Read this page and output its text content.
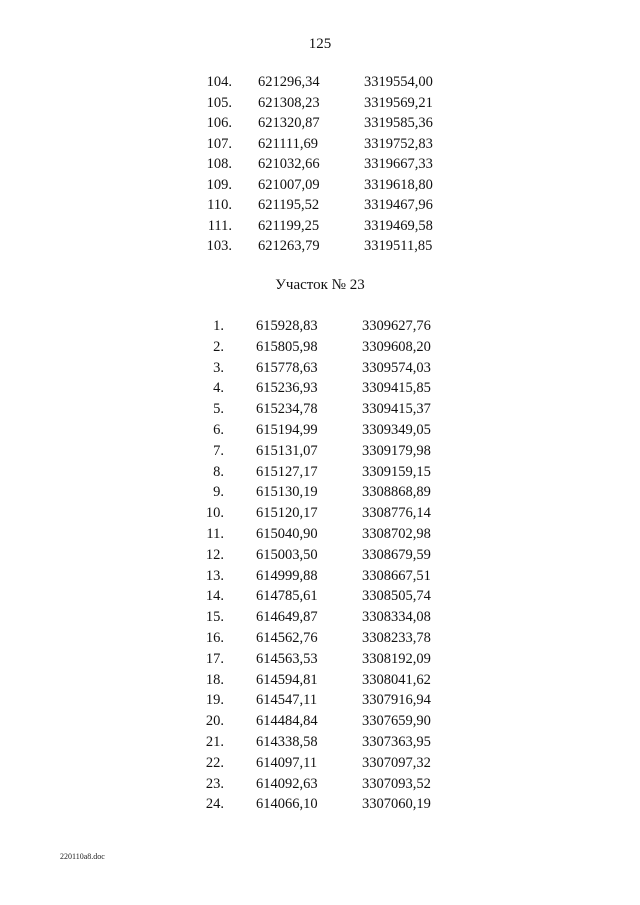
125
104. 621296,34	3319554,00
105. 621308,23	3319569,21
106. 621320,87	3319585,36
107. 621111,69	3319752,83
108. 621032,66	3319667,33
109. 621007,09	3319618,80
110. 621195,52	3319467,96
111. 621199,25	3319469,58
103. 621263,79	3319511,85
Участок № 23
1. 615928,83	3309627,76
2. 615805,98	3309608,20
3. 615778,63	3309574,03
4. 615236,93	3309415,85
5. 615234,78	3309415,37
6. 615194,99	3309349,05
7. 615131,07	3309179,98
8. 615127,17	3309159,15
9. 615130,19	3308868,89
10. 615120,17	3308776,14
11. 615040,90	3308702,98
12. 615003,50	3308679,59
13. 614999,88	3308667,51
14. 614785,61	3308505,74
15. 614649,87	3308334,08
16. 614562,76	3308233,78
17. 614563,53	3308192,09
18. 614594,81	3308041,62
19. 614547,11	3307916,94
20. 614484,84	3307659,90
21. 614338,58	3307363,95
22. 614097,11	3307097,32
23. 614092,63	3307093,52
24. 614066,10	3307060,19
220110a8.doc
